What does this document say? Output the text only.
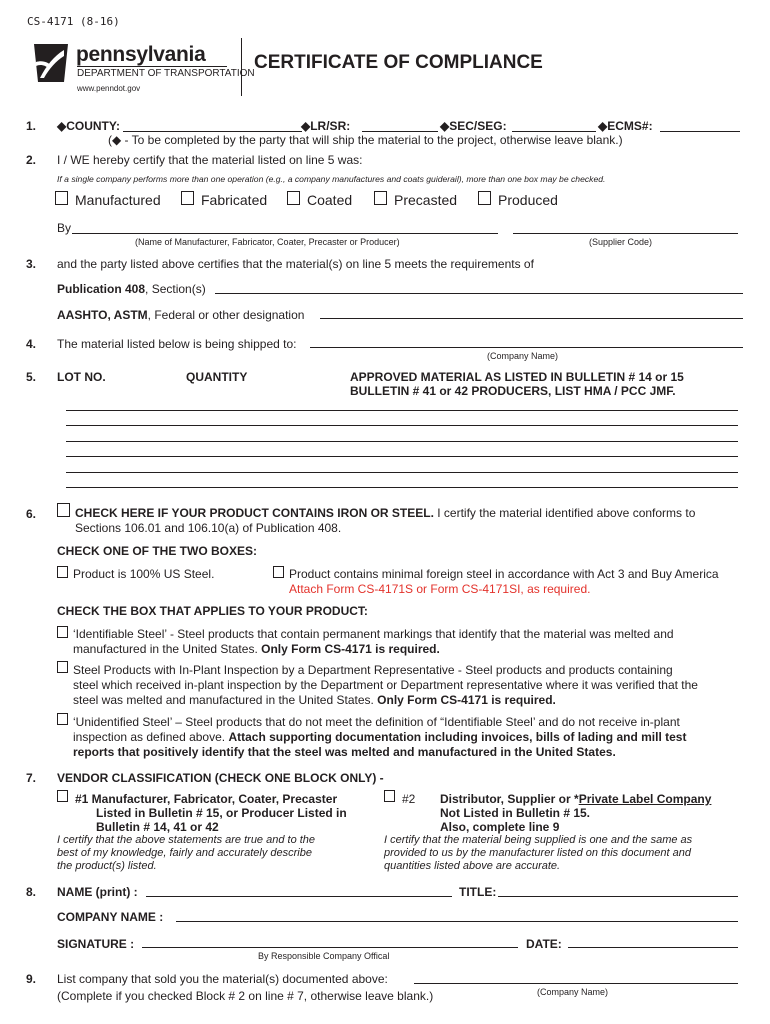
CS-4171 (8-16)
pennsylvania
DEPARTMENT OF TRANSPORTATION
www.penndot.gov
CERTIFICATE OF COMPLIANCE
1. ◆COUNTY:	◆LR/SR:	◆SEC/SEG:	◆ECMS#:
(◆ - To be completed by the party that will ship the material to the project, otherwise leave blank.)
2. I / WE hereby certify that the material listed on line 5 was:
If a single company performs more than one operation (e.g., a company manufactures and coats guiderail), more than one box may be checked.
Manufactured	Fabricated	Coated	Precasted	Produced
By
(Name of Manufacturer, Fabricator, Coater, Precaster or Producer)	(Supplier Code)
3. and the party listed above certifies that the material(s) on line 5 meets the requirements of
Publication 408, Section(s)
AASHTO, ASTM, Federal or other designation
4. The material listed below is being shipped to:
(Company Name)
5. LOT NO.	QUANTITY	APPROVED MATERIAL AS LISTED IN BULLETIN # 14 or 15
BULLETIN # 41 or 42 PRODUCERS, LIST HMA / PCC JMF.
6.	CHECK HERE IF YOUR PRODUCT CONTAINS IRON OR STEEL. I certify the material identified above conforms to
Sections 106.01 and 106.10(a) of Publication 408.
CHECK ONE OF THE TWO BOXES:
Product is 100% US Steel.	Product contains minimal foreign steel in accordance with Act 3 and Buy America
Attach Form CS-4171S or Form CS-4171SI, as required.
CHECK THE BOX THAT APPLIES TO YOUR PRODUCT:
‘Identifiable Steel’ - Steel products that contain permanent markings that identify that the material was melted and
manufactured in the United States. Only Form CS-4171 is required.
Steel Products with In-Plant Inspection by a Department Representative - Steel products and products containing
steel which received in-plant inspection by the Department or Department representative where it was verified that the
steel was melted and manufactured in the United States. Only Form CS-4171 is required.
‘Unidentified Steel’ – Steel products that do not meet the definition of “Identifiable Steel’ and do not receive in-plant
inspection as defined above. Attach supporting documentation including invoices, bills of lading and mill test
reports that positively identify that the steel was melted and manufactured in the United States.
7. VENDOR CLASSIFICATION (CHECK ONE BLOCK ONLY) -
#1 Manufacturer, Fabricator, Coater, Precaster
Listed in Bulletin # 15, or Producer Listed in
Bulletin # 14, 41 or 42
I certify that the above statements are true and to the
best of my knowledge, fairly and accurately describe
the product(s) listed.
#2 Distributor, Supplier or *Private Label Company
Not Listed in Bulletin # 15.
Also, complete line 9
I certify that the material being supplied is one and the same as
provided to us by the manufacturer listed on this document and
quantities listed above are accurate.
8. NAME (print) :	TITLE:
COMPANY NAME :
SIGNATURE :	DATE:
By Responsible Company Offical
9. List company that sold you the material(s) documented above:
(Complete if you checked Block # 2 on line # 7, otherwise leave blank.)	(Company Name)
